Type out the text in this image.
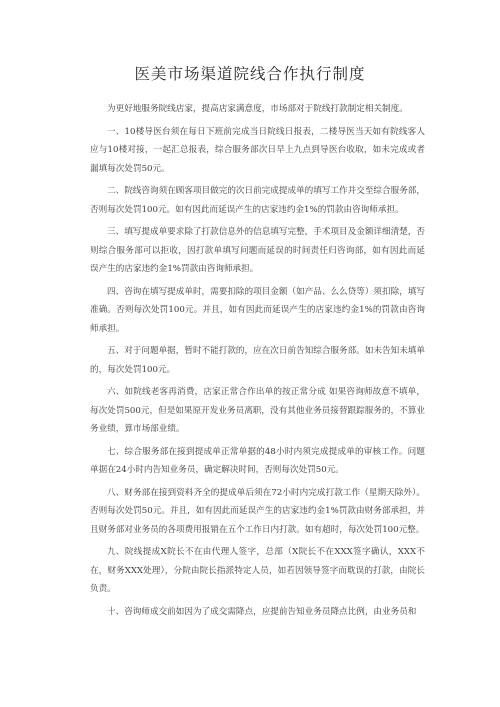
医美市场渠道院线合作执行制度

为更好地服务院线店家，提高店家满意度，市场部对于院线打款制定相关制度。

一、10楼导医台须在每日下班前完成当日院线日报表，二楼导医当天如有院线客人应与10楼对接，一起汇总报表，综合服务部次日早上九点到导医台收取，如未完成或者漏填每次处罚50元。

二、院线咨询须在顾客项目做完的次日前完成提成单的填写工作并交至综合服务部，否则每次处罚100元。如有因此而延误产生的店家违约金1%的罚款由咨询师承担。

三、填写提成单要求除了打款信息外的信息填写完整，手术项目及金额详细清楚，否则综合服务部可以拒收，因打款单填写问题而延误的时间责任归咨询部，如有因此而延误产生的店家违约金1%罚款由咨询师承担。

四、咨询在填写提成单时，需要扣除的项目金额（如产品、么么贷等）须扣除，填写准确。否则每次处罚100元。并且，如有因此而延误产生的店家违约金1%的罚款由咨询师承担。

五、对于问题单据，暂时不能打款的，应在次日前告知综合服务部。如未告知未填单的，每次处罚100元。

六、如院线老客再消费，店家正常合作出单的按正常分成 如果咨询师故意不填单，每次处罚500元，但是如果原开发业务员离职，没有其他业务员接替跟踪服务的，不算业务业绩，算市场部业绩。

七、综合服务部在接到提成单正常单据的48小时内须完成提成单的审核工作。问题单据在24小时内告知业务员，确定解决时间，否则每次处罚50元。

八、财务部在接到资料齐全的提成单后须在72小时内完成打款工作（星期天除外）。否则每次处罚50元。并且，如有因此而延误产生的店家违约金1%罚款由财务部承担，并且财务部对业务员的各项费用报销在五个工作日内打款。如有超时，每次处罚100元整。

九、院线提成X院长不在由代理人签字，总部（X院长不在XXX签字确认，XXX不在，财务XXX处理），分院由院长指派特定人员，如若因领导签字而耽误的打款，由院长负责。

十、咨询师成交前如因为了成交需降点，应提前告知业务员降点比例，由业务员和
